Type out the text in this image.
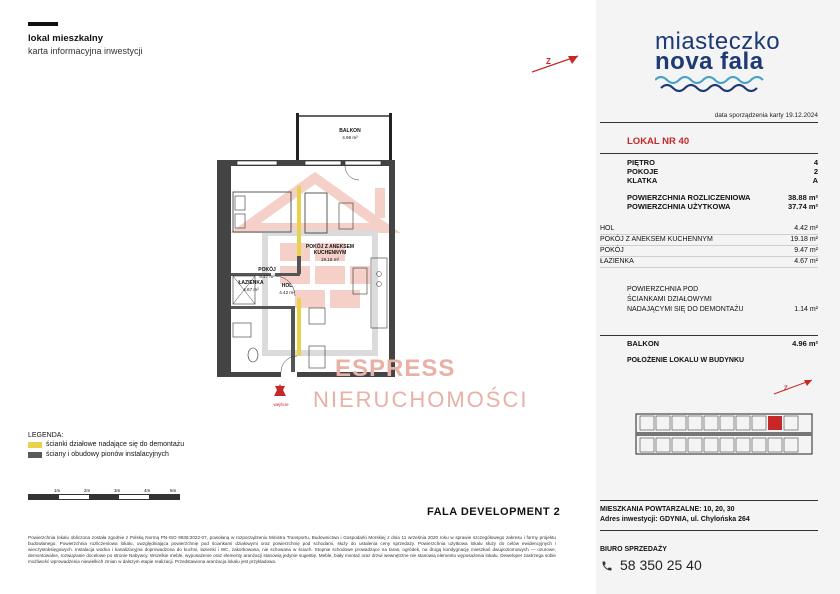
lokal mieszkalny
karta informacyjna inwestycji
Z
BALKON
4.96 m²
POKÓJ
9.47 m²
POKÓJ Z ANEKSEM
KUCHENNYM
19.18 m²
ŁAZIENKA
4.67 m²
HOL
4.42 m²
wejście
ESPRESS
NIERUCHOMOŚCI
LEGENDA:
ścianki działowe nadające się do demontażu
ściany i obudowy pionów instalacyjnych
1m	2m	3m	4m	5m
FALA DEVELOPMENT 2
Powierzchnia lokalu obliczona została zgodnie z Polską Normą PN-ISO 9836:2022-07, powołaną w rozporządzeniu Ministra Transportu, Budownictwa i Gospodarki Morskiej z dnia 11 września 2020 roku w sprawie szczegółowego zakresu i formy projektu budowlanego. Powierzchnia rozliczeniowa lokalu, uwzględniająca powierzchnię pod ściankami działowymi oraz powierzchnię pod schodami, służy do ustalenia ceny sprzedaży. Powierzchnia użytkowa lokalu służy do celów ewidencyjnych i wieczystoksięgowych. Instalacja wodna i kanalizacyjna doprowadzona do kuchni, łazienki i WC, zakorkowana, nie schowana w ściach. Stopnie schodowe prowadzące na taras, ogródek, na drugą kondygnację mieszkań dwupoziomowych — ozurowe, demontowalne, rozwiązanie docelowe po stronie Nabywcy. Wszelkie meble, wyposażenie oraz elementy aranżacji stanowią jedynie sugestię. Meble, biały montaż oraz drzwi wewnętrzne nie stanowią elementu wyposażenia lokalu. Deweloper zastrzega sobie możliwość wprowadzenia niewielkich zmian w dalszym etapie realizacji. Przedstawiona aranżacja lokalu jest przykładowa.
miasteczko
nova fala
data sporządzenia karty 19.12.2024
LOKAL NR 40
PIĘTRO	4
POKOJE	2
KLATKA	A
POWIERZCHNIA ROZLICZENIOWA	38.88 m²
POWIERZCHNIA UŻYTKOWA	37.74 m²
HOL	4.42 m²
POKÓJ Z ANEKSEM KUCHENNYM	19.18 m²
POKÓJ	9.47 m²
ŁAZIENKA	4.67 m²
POWIERZCHNIA POD
ŚCIANKAMI DZIAŁOWYMI
NADAJĄCYMI SIĘ DO DEMONTAŻU	1.14 m²
BALKON	4.96 m²
POŁOŻENIE LOKALU W BUDYNKU
Z
MIESZKANIA POWTARZALNE: 10, 20, 30
Adres inwestycji: GDYNIA, ul. Chylońska 264
BIURO SPRZEDAŻY
58 350 25 40
